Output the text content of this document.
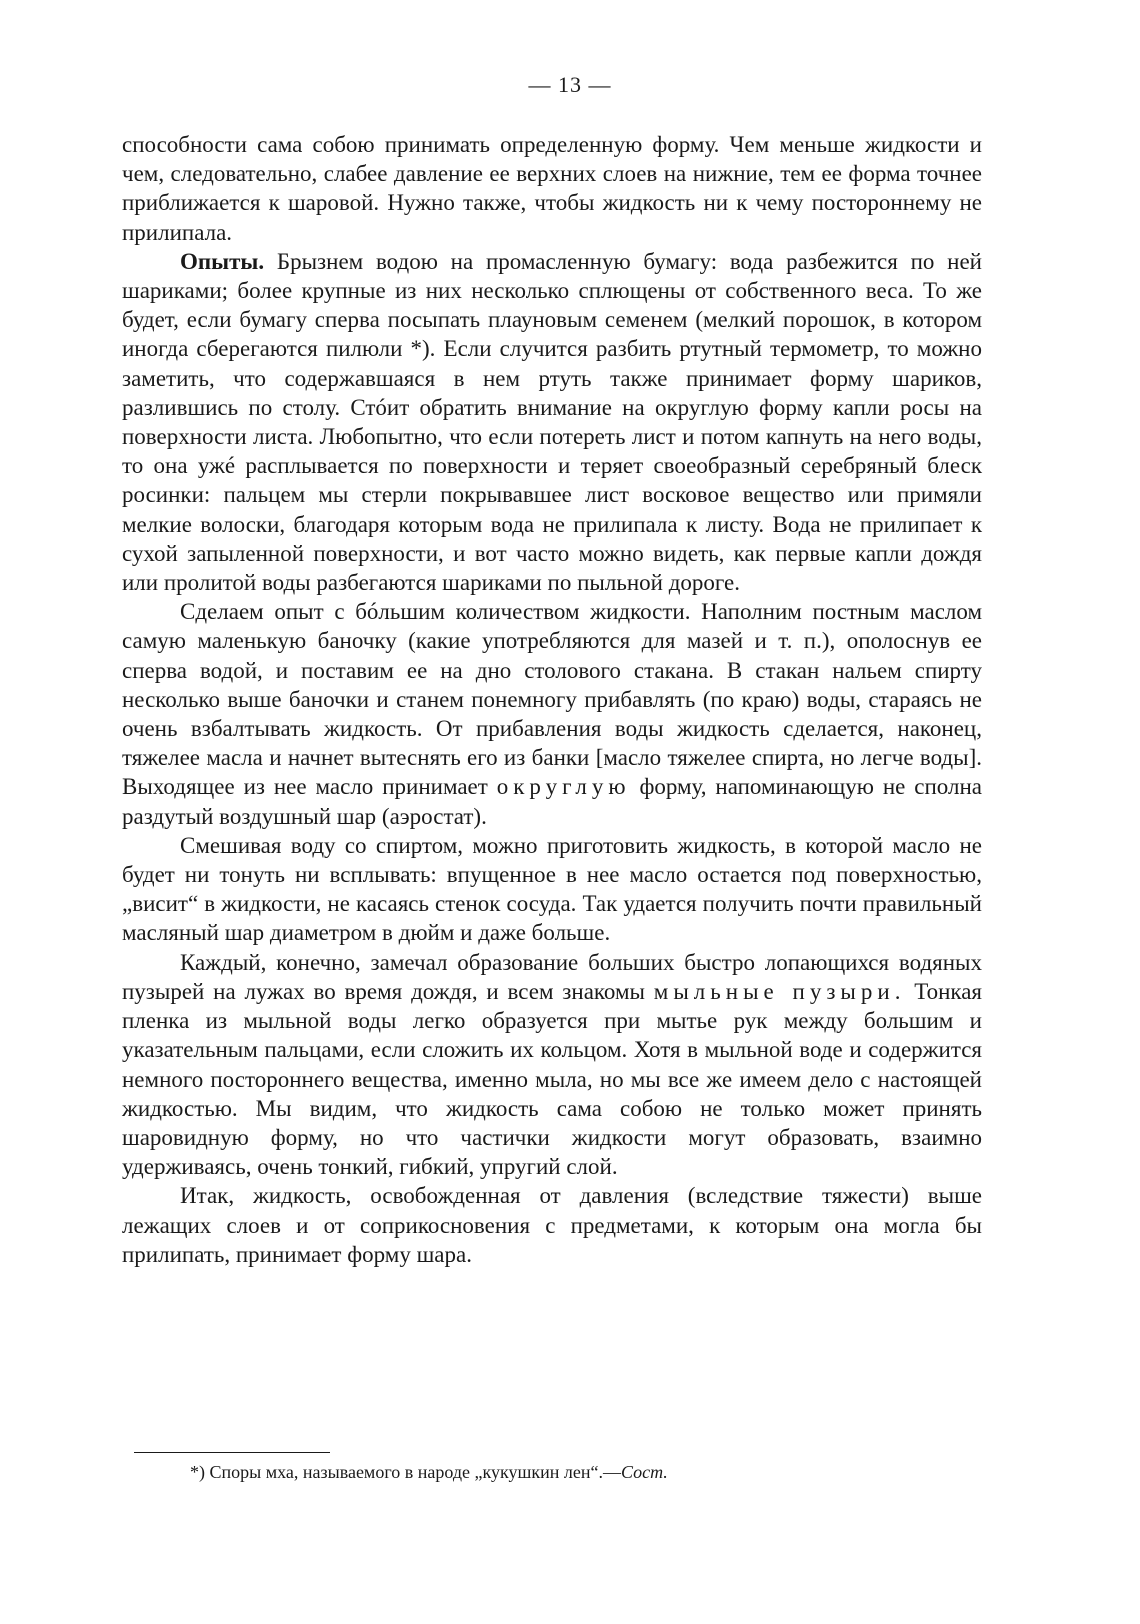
— 13 —

способности сама собою принимать определенную форму. Чем меньше жидкости и чем, следовательно, слабее давление ее верхних слоев на нижние, тем ее форма точнее приближается к шаровой. Нужно также, чтобы жидкость ни к чему постороннему не прилипала.

Опыты. Брызнем водою на промасленную бумагу: вода разбежится по ней шариками; более крупные из них несколько сплющены от собственного веса. То же будет, если бумагу сперва посыпать плауновым семенем (мелкий порошок, в котором иногда сберегаются пилюли *). Если случится разбить ртутный термометр, то можно заметить, что содержавшаяся в нем ртуть также принимает форму шариков, разлившись по столу. Стóит обратить внимание на округлую форму капли росы на поверхности листа. Любопытно, что если потереть лист и потом капнуть на него воды, то она ужé расплывается по поверхности и теряет своеобразный серебряный блеск росинки: пальцем мы стерли покрывавшее лист восковое вещество или примяли мелкие волоски, благодаря которым вода не прилипала к листу. Вода не прилипает к сухой запыленной поверхности, и вот часто можно видеть, как первые капли дождя или пролитой воды разбегаются шариками по пыльной дороге.

Сделаем опыт с бóльшим количеством жидкости. Наполним постным маслом самую маленькую баночку (какие употребляются для мазей и т. п.), ополоснув ее сперва водой, и поставим ее на дно столового стакана. В стакан нальем спирту несколько выше баночки и станем понемногу прибавлять (по краю) воды, стараясь не очень взбалтывать жидкость. От прибавления воды жидкость сделается, наконец, тяжелее масла и начнет вытеснять его из банки [масло тяжелее спирта, но легче воды]. Выходящее из нее масло принимает округлую форму, напоминающую не сполна раздутый воздушный шар (аэростат).

Смешивая воду со спиртом, можно приготовить жидкость, в которой масло не будет ни тонуть ни всплывать: впущенное в нее масло остается под поверхностью, „висит“ в жидкости, не касаясь стенок сосуда. Так удается получить почти правильный масляный шар диаметром в дюйм и даже больше.

Каждый, конечно, замечал образование больших быстро лопающихся водяных пузырей на лужах во время дождя, и всем знакомы мыльные пузыри. Тонкая пленка из мыльной воды легко образуется при мытье рук между большим и указательным пальцами, если сложить их кольцом. Хотя в мыльной воде и содержится немного постороннего вещества, именно мыла, но мы все же имеем дело с настоящей жидкостью. Мы видим, что жидкость сама собою не только может принять шаровидную форму, но что частички жидкости могут образовать, взаимно удерживаясь, очень тонкий, гибкий, упругий слой.

Итак, жидкость, освобожденная от давления (вследствие тяжести) выше лежащих слоев и от соприкосновения с предметами, к которым она могла бы прилипать, принимает форму шара.

*) Споры мха, называемого в народе „кукушкин лен“.—Сост.
